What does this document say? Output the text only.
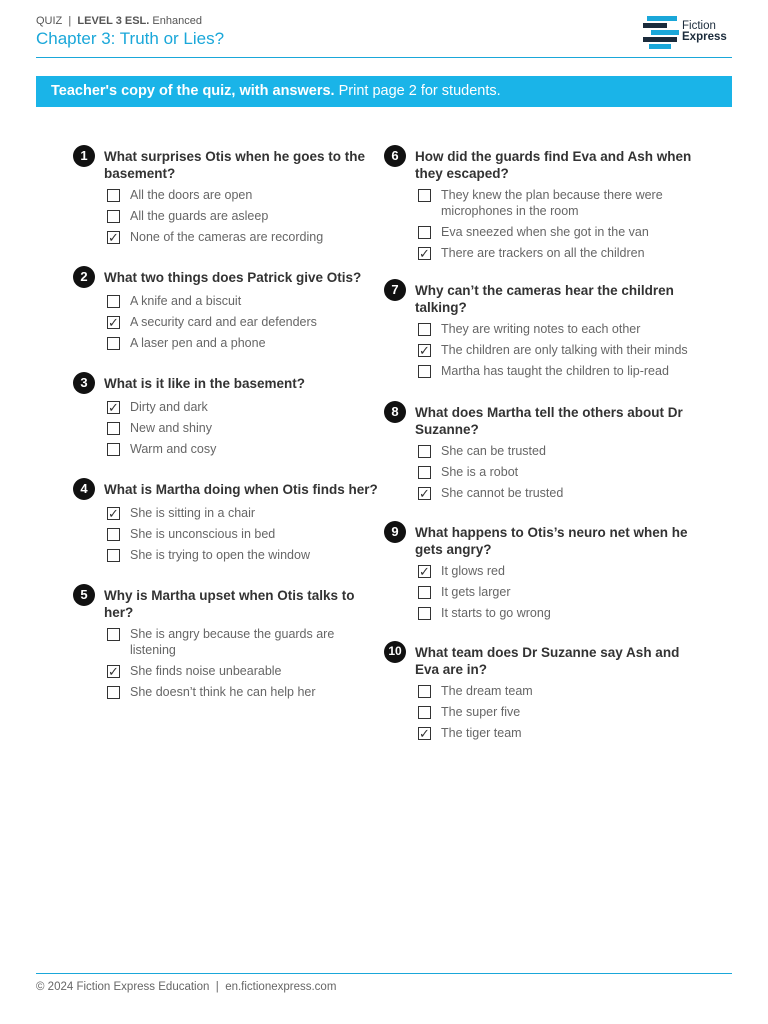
QUIZ | LEVEL 3 ESL. Enhanced
Chapter 3: Truth or Lies?
Fiction
Express
Teacher's copy of the quiz, with answers. Print page 2 for students.
1	What surprises Otis when he goes to the basement?
All the doors are open
All the guards are asleep
✓ None of the cameras are recording
2	What two things does Patrick give Otis?
A knife and a biscuit
✓ A security card and ear defenders
A laser pen and a phone
3	What is it like in the basement?
✓ Dirty and dark
New and shiny
Warm and cosy
4	What is Martha doing when Otis finds her?
✓ She is sitting in a chair
She is unconscious in bed
She is trying to open the window
5	Why is Martha upset when Otis talks to her?
She is angry because the guards are listening
✓ She finds noise unbearable
She doesn’t think he can help her
6	How did the guards find Eva and Ash when they escaped?
They knew the plan because there were microphones in the room
Eva sneezed when she got in the van
✓ There are trackers on all the children
7	Why can’t the cameras hear the children talking?
They are writing notes to each other
✓ The children are only talking with their minds
Martha has taught the children to lip-read
8	What does Martha tell the others about Dr Suzanne?
She can be trusted
She is a robot
✓ She cannot be trusted
9	What happens to Otis’s neuro net when he gets angry?
✓ It glows red
It gets larger
It starts to go wrong
10 What team does Dr Suzanne say Ash and Eva are in?
The dream team
The super five
✓ The tiger team
© 2024 Fiction Express Education | en.fictionexpress.com
